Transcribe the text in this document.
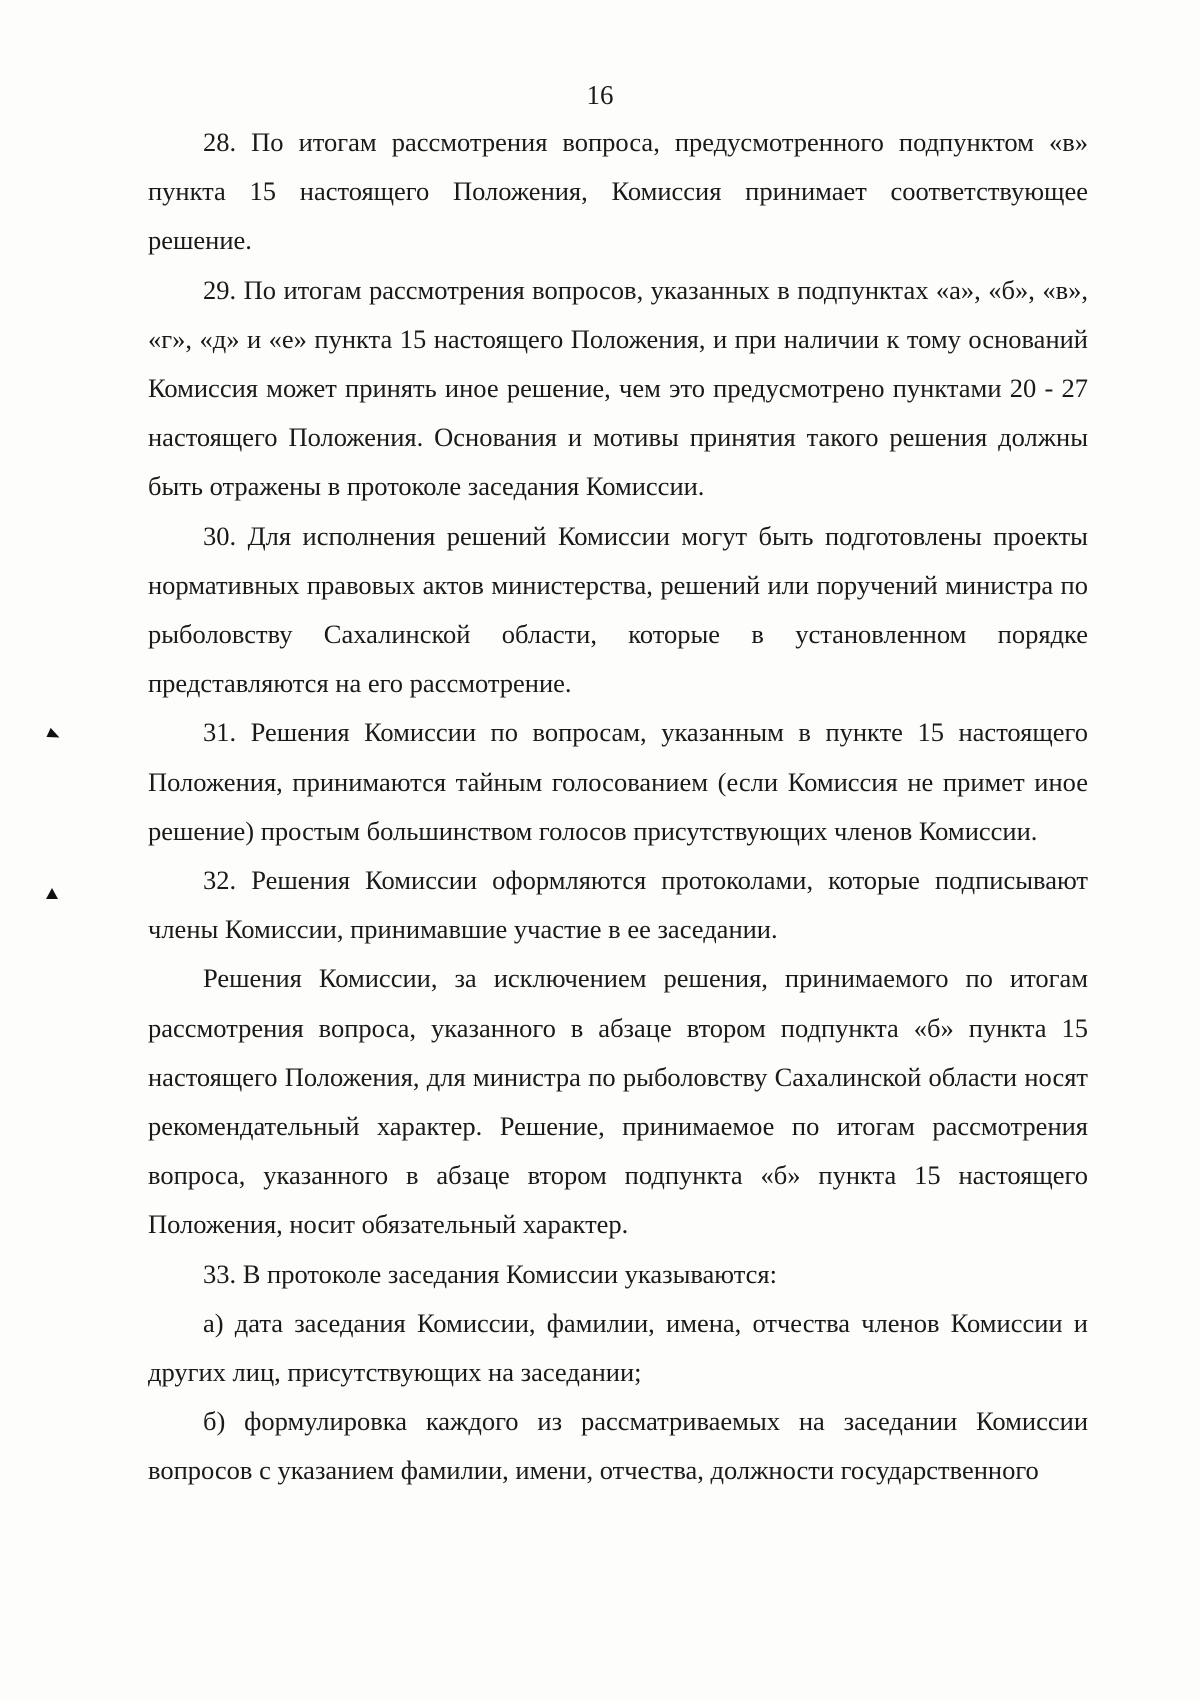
16

28. По итогам рассмотрения вопроса, предусмотренного подпунктом «в» пункта 15 настоящего Положения, Комиссия принимает соответствующее решение.

29. По итогам рассмотрения вопросов, указанных в подпунктах «а», «б», «в», «г», «д» и «е» пункта 15 настоящего Положения, и при наличии к тому оснований Комиссия может принять иное решение, чем это предусмотрено пунктами 20 - 27 настоящего Положения. Основания и мотивы принятия такого решения должны быть отражены в протоколе заседания Комиссии.

30. Для исполнения решений Комиссии могут быть подготовлены проекты нормативных правовых актов министерства, решений или поручений министра по рыболовству Сахалинской области, которые в установленном порядке представляются на его рассмотрение.

31. Решения Комиссии по вопросам, указанным в пункте 15 настоящего Положения, принимаются тайным голосованием (если Комиссия не примет иное решение) простым большинством голосов присутствующих членов Комиссии.

32. Решения Комиссии оформляются протоколами, которые подписывают члены Комиссии, принимавшие участие в ее заседании.

Решения Комиссии, за исключением решения, принимаемого по итогам рассмотрения вопроса, указанного в абзаце втором подпункта «б» пункта 15 настоящего Положения, для министра по рыболовству Сахалинской области носят рекомендательный характер. Решение, принимаемое по итогам рассмотрения вопроса, указанного в абзаце втором подпункта «б» пункта 15 настоящего Положения, носит обязательный характер.

33. В протоколе заседания Комиссии указываются:

а) дата заседания Комиссии, фамилии, имена, отчества членов Комиссии и других лиц, присутствующих на заседании;

б) формулировка каждого из рассматриваемых на заседании Комиссии вопросов с указанием фамилии, имени, отчества, должности государственного
